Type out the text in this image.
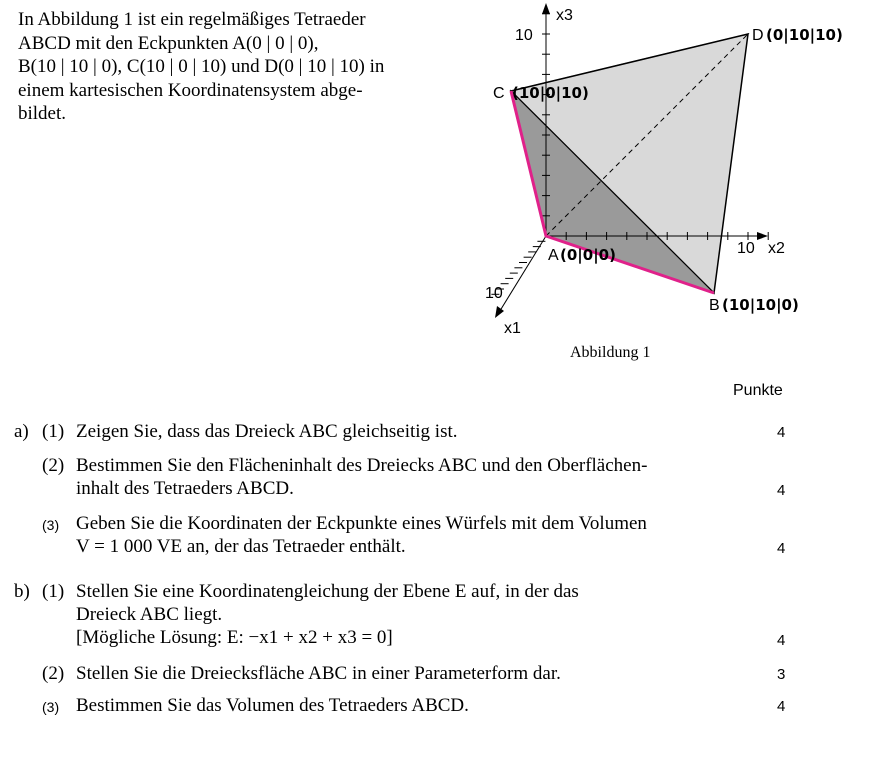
In Abbildung 1 ist ein regelmäßiges Tetraeder
ABCD mit den Eckpunkten A(0 | 0 | 0),
B(10 | 10 | 0), C(10 | 0 | 10) und D(0 | 10 | 10) in
einem kartesischen Koordinatensystem abge-
bildet.
10
x3
10 x2
10
x1
A
B
C
D
(0|0|0)
(10|10|0)
(10|0|10)
(0|10|10)
Abbildung 1
Punkte
a) (1) Zeigen Sie, dass das Dreieck ABC gleichseitig ist.	4
(2) Bestimmen Sie den Flächeninhalt des Dreiecks ABC und den Oberflächen-
inhalt des Tetraeders ABCD.	4
(3) Geben Sie die Koordinaten der Eckpunkte eines Würfels mit dem Volumen
V = 1 000 VE an, der das Tetraeder enthält.	4
b) (1) Stellen Sie eine Koordinatengleichung der Ebene E auf, in der das
Dreieck ABC liegt.
[Mögliche Lösung: E: −x1 + x2 + x3 = 0]	4
(2) Stellen Sie die Dreiecksfläche ABC in einer Parameterform dar.	3
(3) Bestimmen Sie das Volumen des Tetraeders ABCD.	4
